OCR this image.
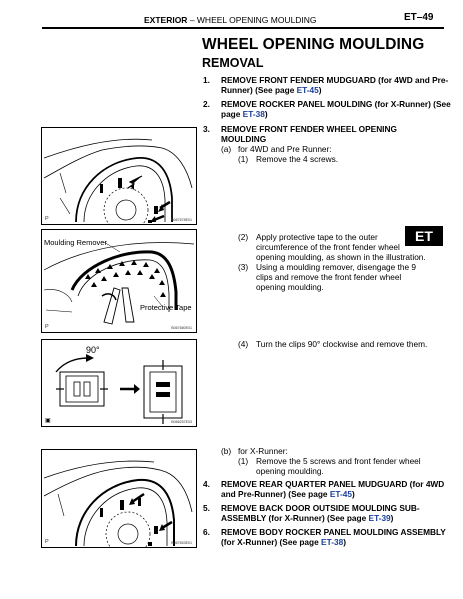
EXTERIOR – WHEEL OPENING MOULDING	ET–49
WHEEL OPENING MOULDING
REMOVAL
1. REMOVE FRONT FENDER MUDGUARD (for 4WD and Pre-Runner) (See page ET-45)
2. REMOVE ROCKER PANEL MOULDING (for X-Runner) (See page ET-38)
3. REMOVE FRONT FENDER WHEEL OPENING MOULDING
(a) for 4WD and Pre Runner:
(1) Remove the 4 screws.
(2) Apply protective tape to the outer circumference of the front fender wheel opening moulding, as shown in the illustration.
(3) Using a moulding remover, disengage the 9 clips and remove the front fender wheel opening moulding.
(4) Turn the clips 90° clockwise and remove them.
(b) for X-Runner:
(1) Remove the 5 screws and front fender wheel opening moulding.
4. REMOVE REAR QUARTER PANEL MUDGUARD (for 4WD and Pre-Runner) (See page ET-45)
5. REMOVE BACK DOOR OUTSIDE MOULDING SUB-ASSEMBLY (for X-Runner) (See page ET-39)
6. REMOVE BODY ROCKER PANEL MOULDING ASSEMBLY (for X-Runner) (See page ET-38)
ET
P	B067678E01
Moulding Remover
Protective Tape
P	B067680E01
90°
▣	B066257E03
P	B067653E01
